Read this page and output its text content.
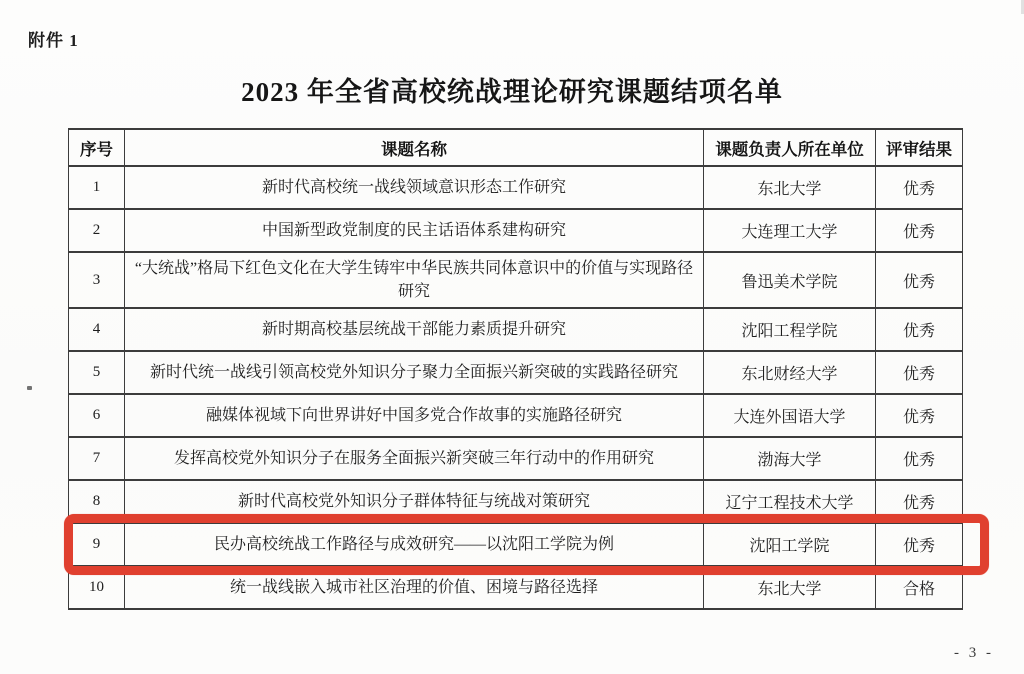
附件 1
2023 年全省高校统战理论研究课题结项名单
序号	课题名称	课题负责人所在单位	评审结果
1	新时代高校统一战线领域意识形态工作研究	东北大学	优秀
2	中国新型政党制度的民主话语体系建构研究	大连理工大学	优秀
3	“大统战”格局下红色文化在大学生铸牢中华民族共同体意识中的价值与实现路径研究	鲁迅美术学院	优秀
4	新时期高校基层统战干部能力素质提升研究	沈阳工程学院	优秀
5	新时代统一战线引领高校党外知识分子聚力全面振兴新突破的实践路径研究	东北财经大学	优秀
6	融媒体视域下向世界讲好中国多党合作故事的实施路径研究	大连外国语大学	优秀
7	发挥高校党外知识分子在服务全面振兴新突破三年行动中的作用研究	渤海大学	优秀
8	新时代高校党外知识分子群体特征与统战对策研究	辽宁工程技术大学	优秀
9	民办高校统战工作路径与成效研究——以沈阳工学院为例	沈阳工学院	优秀
10	统一战线嵌入城市社区治理的价值、困境与路径选择	东北大学	合格
- 3 -
